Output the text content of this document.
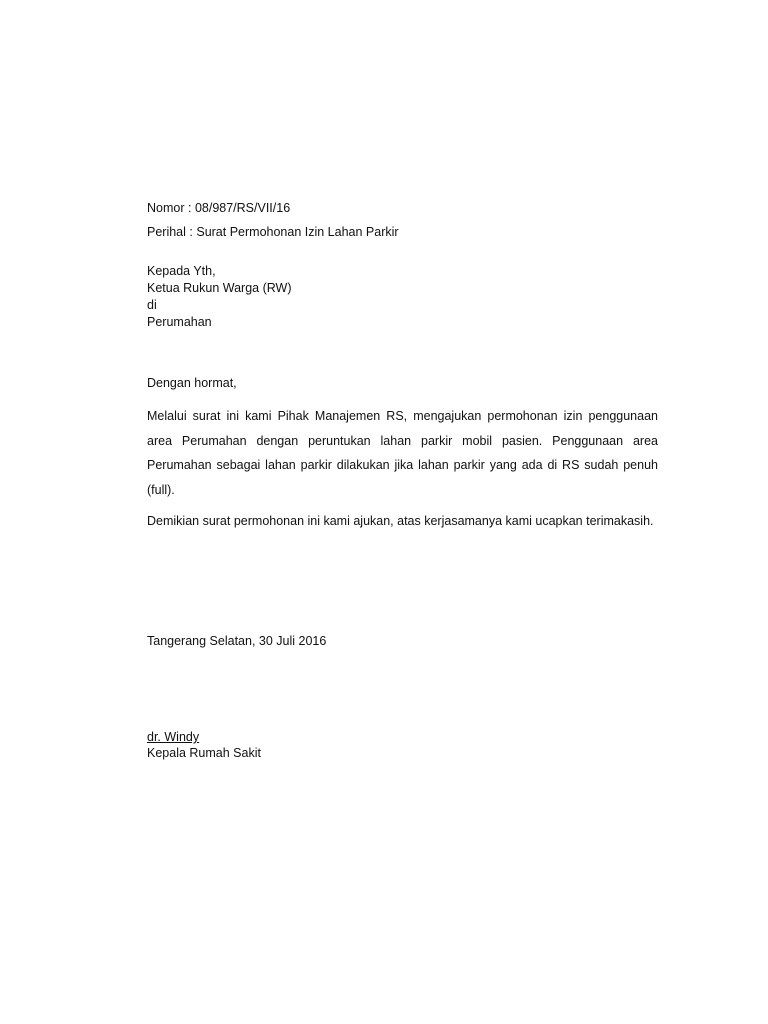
Nomor : 08/987/RS/VII/16
Perihal : Surat Permohonan Izin Lahan Parkir
Kepada Yth,
Ketua Rukun Warga (RW)
di
Perumahan
Dengan hormat,

Melalui surat ini kami Pihak Manajemen RS, mengajukan permohonan izin penggunaan area Perumahan dengan peruntukan lahan parkir mobil pasien. Penggunaan area Perumahan sebagai lahan parkir dilakukan jika lahan parkir yang ada di RS sudah penuh (full).

Demikian surat permohonan ini kami ajukan, atas kerjasamanya kami ucapkan terimakasih.

Tangerang Selatan, 30 Juli 2016
dr. Windy
Kepala Rumah Sakit
